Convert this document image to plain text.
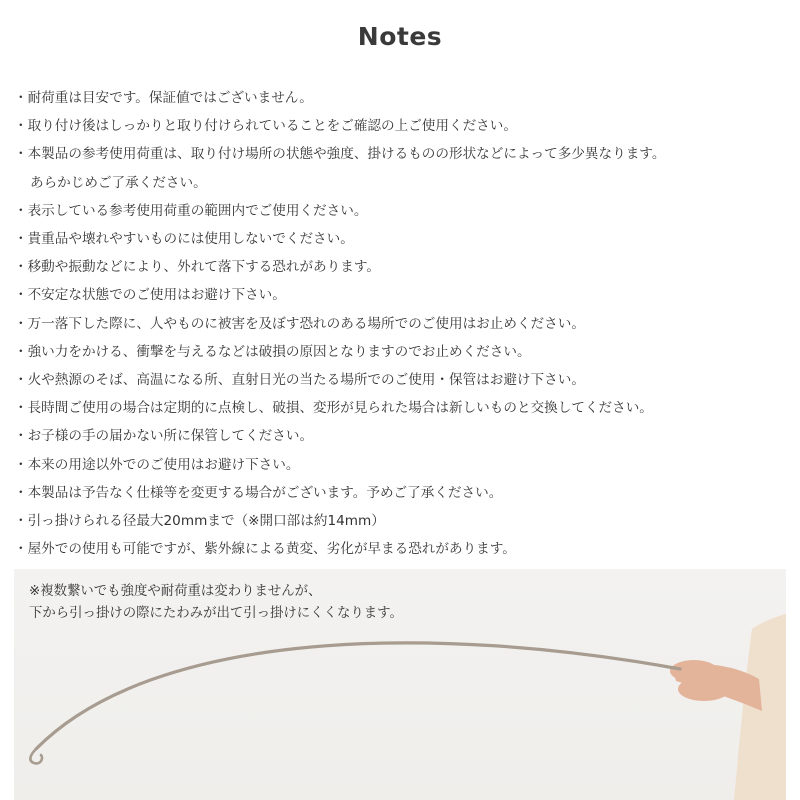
Notes
・耐荷重は目安です。保証値ではございません。
・取り付け後はしっかりと取り付けられていることをご確認の上ご使用ください。
・本製品の参考使用荷重は、取り付け場所の状態や強度、掛けるものの形状などによって多少異なります。
あらかじめご了承ください。
・表示している参考使用荷重の範囲内でご使用ください。
・貴重品や壊れやすいものには使用しないでください。
・移動や振動などにより、外れて落下する恐れがあります。
・不安定な状態でのご使用はお避け下さい。
・万一落下した際に、人やものに被害を及ぼす恐れのある場所でのご使用はお止めください。
・強い力をかける、衝撃を与えるなどは破損の原因となりますのでお止めください。
・火や熱源のそば、高温になる所、直射日光の当たる場所でのご使用・保管はお避け下さい。
・長時間ご使用の場合は定期的に点検し、破損、変形が見られた場合は新しいものと交換してください。
・お子様の手の届かない所に保管してください。
・本来の用途以外でのご使用はお避け下さい。
・本製品は予告なく仕様等を変更する場合がございます。予めご了承ください。
・引っ掛けられる径最大20mmまで（※開口部は約14mm）
・屋外での使用も可能ですが、紫外線による黄変、劣化が早まる恐れがあります。
※複数繋いでも強度や耐荷重は変わりませんが、
下から引っ掛けの際にたわみが出て引っ掛けにくくなります。
